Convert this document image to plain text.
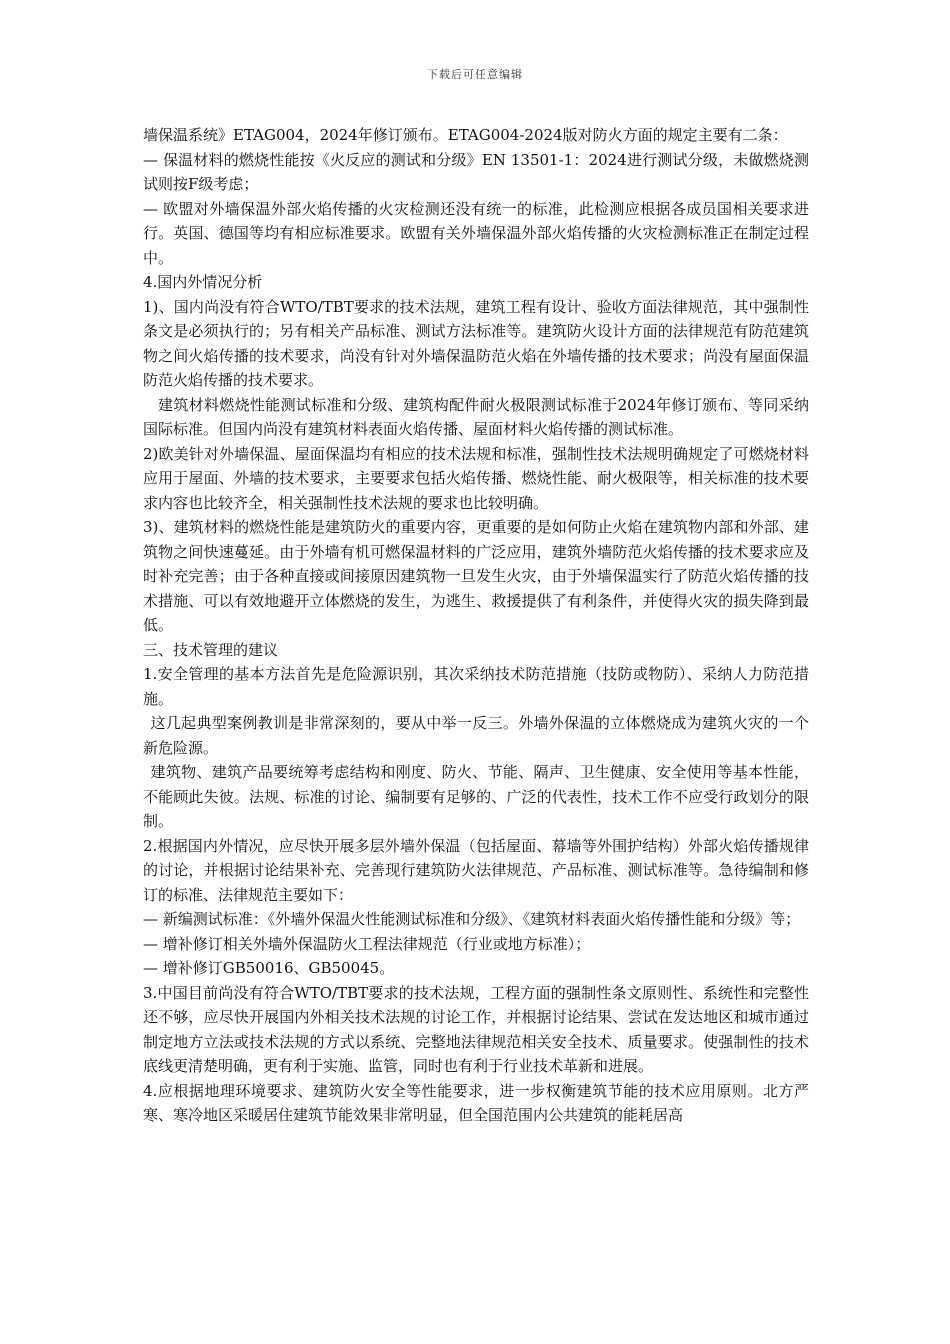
下载后可任意编辑

墙保温系统》ETAG004，2024年修订颁布。ETAG004-2024版对防火方面的规定主要有二条：

— 保温材料的燃烧性能按《火反应的测试和分级》EN 13501-1：2024进行测试分级，未做燃烧测试则按F级考虑；

— 欧盟对外墙保温外部火焰传播的火灾检测还没有统一的标准，此检测应根据各成员国相关要求进行。英国、德国等均有相应标准要求。欧盟有关外墙保温外部火焰传播的火灾检测标准正在制定过程中。

4.国内外情况分析

1)、国内尚没有符合WTO/TBT要求的技术法规，建筑工程有设计、验收方面法律规范，其中强制性条文是必须执行的；另有相关产品标准、测试方法标准等。建筑防火设计方面的法律规范有防范建筑物之间火焰传播的技术要求，尚没有针对外墙保温防范火焰在外墙传播的技术要求；尚没有屋面保温防范火焰传播的技术要求。

建筑材料燃烧性能测试标准和分级、建筑构配件耐火极限测试标准于2024年修订颁布、等同采纳国际标准。但国内尚没有建筑材料表面火焰传播、屋面材料火焰传播的测试标准。

2)欧美针对外墙保温、屋面保温均有相应的技术法规和标准，强制性技术法规明确规定了可燃烧材料应用于屋面、外墙的技术要求，主要要求包括火焰传播、燃烧性能、耐火极限等，相关标准的技术要求内容也比较齐全，相关强制性技术法规的要求也比较明确。

3)、建筑材料的燃烧性能是建筑防火的重要内容，更重要的是如何防止火焰在建筑物内部和外部、建筑物之间快速蔓延。由于外墙有机可燃保温材料的广泛应用，建筑外墙防范火焰传播的技术要求应及时补充完善；由于各种直接或间接原因建筑物一旦发生火灾，由于外墙保温实行了防范火焰传播的技术措施、可以有效地避开立体燃烧的发生，为逃生、救援提供了有利条件，并使得火灾的损失降到最低。

三、技术管理的建议

1.安全管理的基本方法首先是危险源识别，其次采纳技术防范措施（技防或物防）、采纳人力防范措施。

这几起典型案例教训是非常深刻的，要从中举一反三。外墙外保温的立体燃烧成为建筑火灾的一个新危险源。

建筑物、建筑产品要统筹考虑结构和刚度、防火、节能、隔声、卫生健康、安全使用等基本性能，不能顾此失彼。法规、标准的讨论、编制要有足够的、广泛的代表性，技术工作不应受行政划分的限制。

2.根据国内外情况，应尽快开展多层外墙外保温（包括屋面、幕墙等外围护结构）外部火焰传播规律的讨论，并根据讨论结果补充、完善现行建筑防火法律规范、产品标准、测试标准等。急待编制和修订的标准、法律规范主要如下：

— 新编测试标准：《外墙外保温火性能测试标准和分级》、《建筑材料表面火焰传播性能和分级》等；

— 增补修订相关外墙外保温防火工程法律规范（行业或地方标准）；

— 增补修订GB50016、GB50045。

3.中国目前尚没有符合WTO/TBT要求的技术法规，工程方面的强制性条文原则性、系统性和完整性还不够，应尽快开展国内外相关技术法规的讨论工作，并根据讨论结果、尝试在发达地区和城市通过制定地方立法或技术法规的方式以系统、完整地法律规范相关安全技术、质量要求。使强制性的技术底线更清楚明确，更有利于实施、监管，同时也有利于行业技术革新和进展。

4.应根据地理环境要求、建筑防火安全等性能要求，进一步权衡建筑节能的技术应用原则。北方严寒、寒冷地区采暖居住建筑节能效果非常明显，但全国范围内公共建筑的能耗居高
